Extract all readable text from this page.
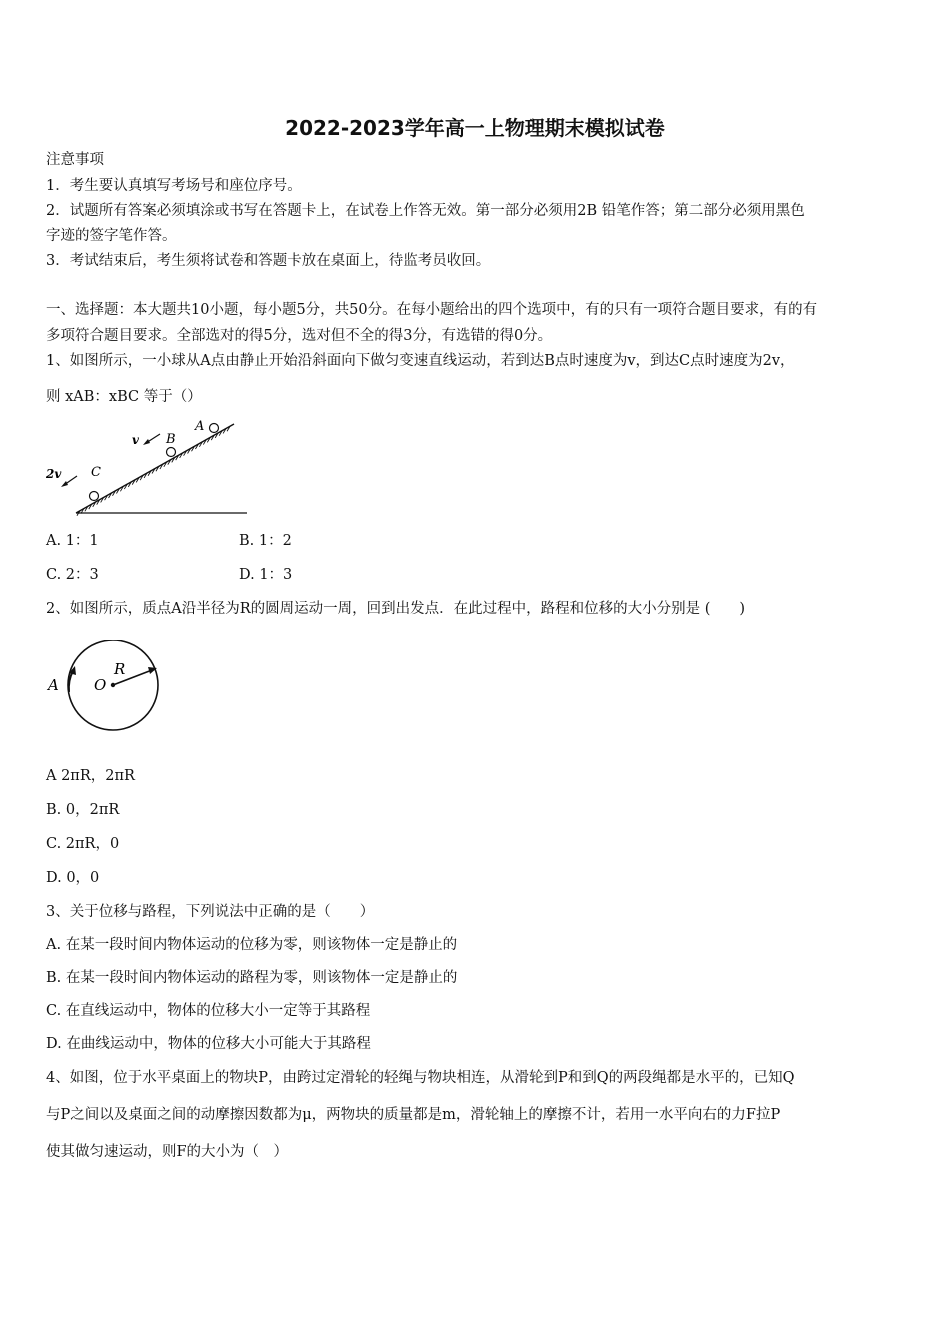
2022-2023学年高一上物理期末模拟试卷
注意事项
1．考生要认真填写考场号和座位序号。
2．试题所有答案必须填涂或书写在答题卡上，在试卷上作答无效。第一部分必须用2B 铅笔作答；第二部分必须用黑色
字迹的签字笔作答。
3．考试结束后，考生须将试卷和答题卡放在桌面上，待监考员收回。
一、选择题：本大题共10小题，每小题5分，共50分。在每小题给出的四个选项中，有的只有一项符合题目要求，有的有
多项符合题目要求。全部选对的得5分，选对但不全的得3分，有选错的得0分。
1、如图所示，一小球从A点由静止开始沿斜面向下做匀变速直线运动，若到达B点时速度为v，到达C点时速度为2v，
则 xAB：xBC 等于（）
A
B
C
v
2v
A. 1：1	B. 1：2
C. 2：3	D. 1：3
2、如图所示，质点A沿半径为R的圆周运动一周，回到出发点．在此过程中，路程和位移的大小分别是 (　　)
A O
R
A 2πR，2πR
B. 0，2πR
C. 2πR，0
D. 0，0
3、关于位移与路程，下列说法中正确的是（　　）
A. 在某一段时间内物体运动的位移为零，则该物体一定是静止的
B. 在某一段时间内物体运动的路程为零，则该物体一定是静止的
C. 在直线运动中，物体的位移大小一定等于其路程
D. 在曲线运动中，物体的位移大小可能大于其路程
4、如图，位于水平桌面上的物块P，由跨过定滑轮的轻绳与物块相连，从滑轮到P和到Q的两段绳都是水平的，已知Q
与P之间以及桌面之间的动摩擦因数都为μ，两物块的质量都是m，滑轮轴上的摩擦不计，若用一水平向右的力F拉P
使其做匀速运动，则F的大小为（　）
